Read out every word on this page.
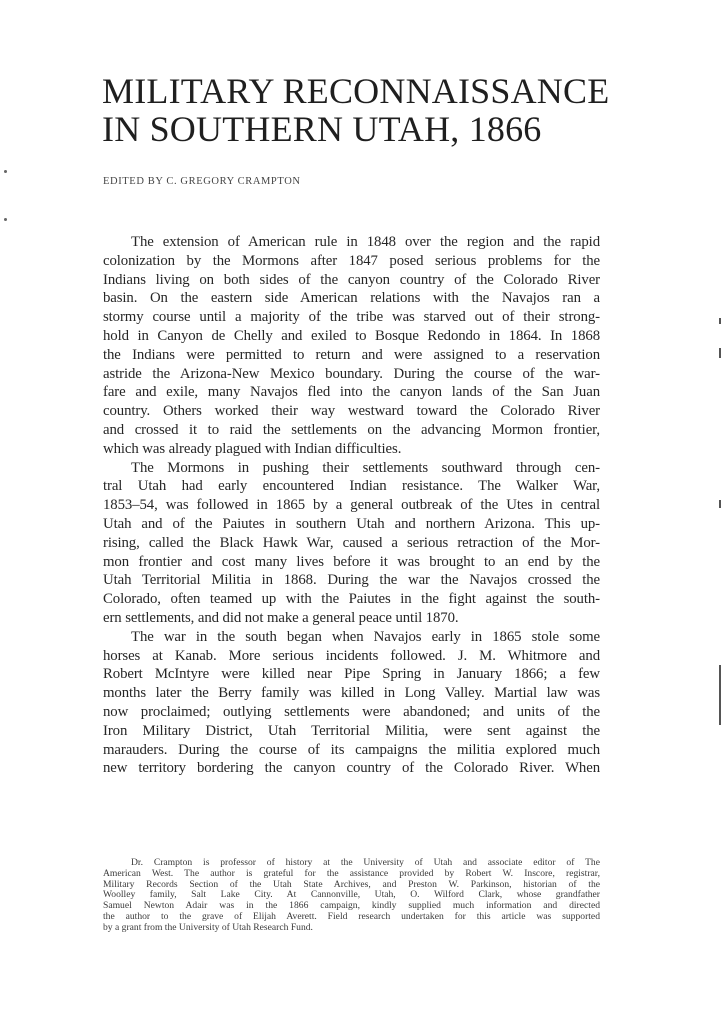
MILITARY RECONNAISSANCE
IN SOUTHERN UTAH, 1866
EDITED BY C. GREGORY CRAMPTON
The extension of American rule in 1848 over the region and the rapid
colonization by the Mormons after 1847 posed serious problems for the
Indians living on both sides of the canyon country of the Colorado River
basin. On the eastern side American relations with the Navajos ran a
stormy course until a majority of the tribe was starved out of their strong-
hold in Canyon de Chelly and exiled to Bosque Redondo in 1864. In 1868
the Indians were permitted to return and were assigned to a reservation
astride the Arizona-New Mexico boundary. During the course of the war-
fare and exile, many Navajos fled into the canyon lands of the San Juan
country. Others worked their way westward toward the Colorado River
and crossed it to raid the settlements on the advancing Mormon frontier,
which was already plagued with Indian difficulties.
The Mormons in pushing their settlements southward through cen-
tral Utah had early encountered Indian resistance. The Walker War,
1853–54, was followed in 1865 by a general outbreak of the Utes in central
Utah and of the Paiutes in southern Utah and northern Arizona. This up-
rising, called the Black Hawk War, caused a serious retraction of the Mor-
mon frontier and cost many lives before it was brought to an end by the
Utah Territorial Militia in 1868. During the war the Navajos crossed the
Colorado, often teamed up with the Paiutes in the fight against the south-
ern settlements, and did not make a general peace until 1870.
The war in the south began when Navajos early in 1865 stole some
horses at Kanab. More serious incidents followed. J. M. Whitmore and
Robert McIntyre were killed near Pipe Spring in January 1866; a few
months later the Berry family was killed in Long Valley. Martial law was
now proclaimed; outlying settlements were abandoned; and units of the
Iron Military District, Utah Territorial Militia, were sent against the
marauders. During the course of its campaigns the militia explored much
new territory bordering the canyon country of the Colorado River. When
Dr. Crampton is professor of history at the University of Utah and associate editor of The
American West. The author is grateful for the assistance provided by Robert W. Inscore, registrar,
Military Records Section of the Utah State Archives, and Preston W. Parkinson, historian of the
Woolley family, Salt Lake City. At Cannonville, Utah, O. Wilford Clark, whose grandfather
Samuel Newton Adair was in the 1866 campaign, kindly supplied much information and directed
the author to the grave of Elijah Averett. Field research undertaken for this article was supported
by a grant from the University of Utah Research Fund.
